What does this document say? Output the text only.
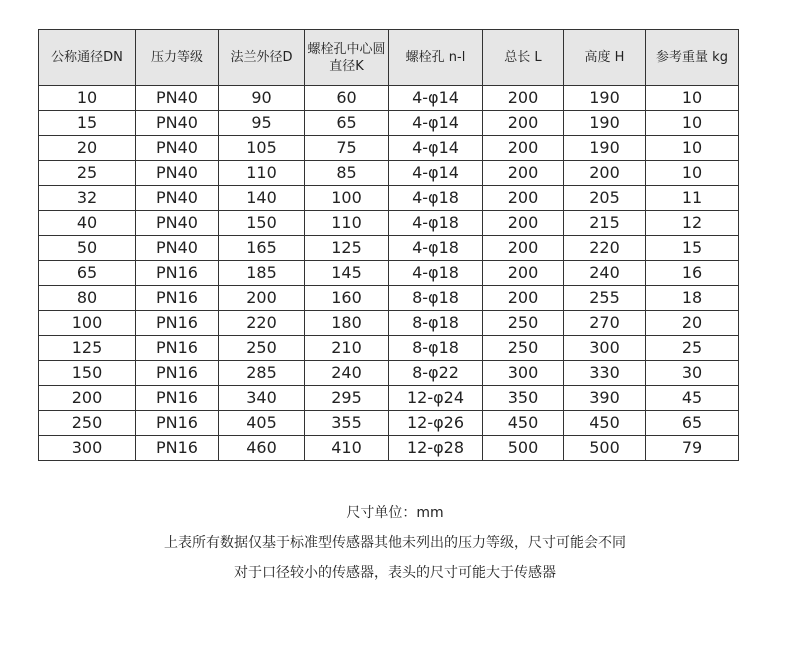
公称通径DN	压力等级	法兰外径D	螺栓孔中心圆直径K	螺栓孔 n-l	总长 L	高度 H	参考重量 kg
10	PN40	90	60	4-φ14	200	190	10
15	PN40	95	65	4-φ14	200	190	10
20	PN40	105	75	4-φ14	200	190	10
25	PN40	110	85	4-φ14	200	200	10
32	PN40	140	100	4-φ18	200	205	11
40	PN40	150	110	4-φ18	200	215	12
50	PN40	165	125	4-φ18	200	220	15
65	PN16	185	145	4-φ18	200	240	16
80	PN16	200	160	8-φ18	200	255	18
100	PN16	220	180	8-φ18	250	270	20
125	PN16	250	210	8-φ18	250	300	25
150	PN16	285	240	8-φ22	300	330	30
200	PN16	340	295	12-φ24	350	390	45
250	PN16	405	355	12-φ26	450	450	65
300	PN16	460	410	12-φ28	500	500	79
尺寸单位：mm
上表所有数据仅基于标准型传感器其他未列出的压力等级，尺寸可能会不同
对于口径较小的传感器，表头的尺寸可能大于传感器
